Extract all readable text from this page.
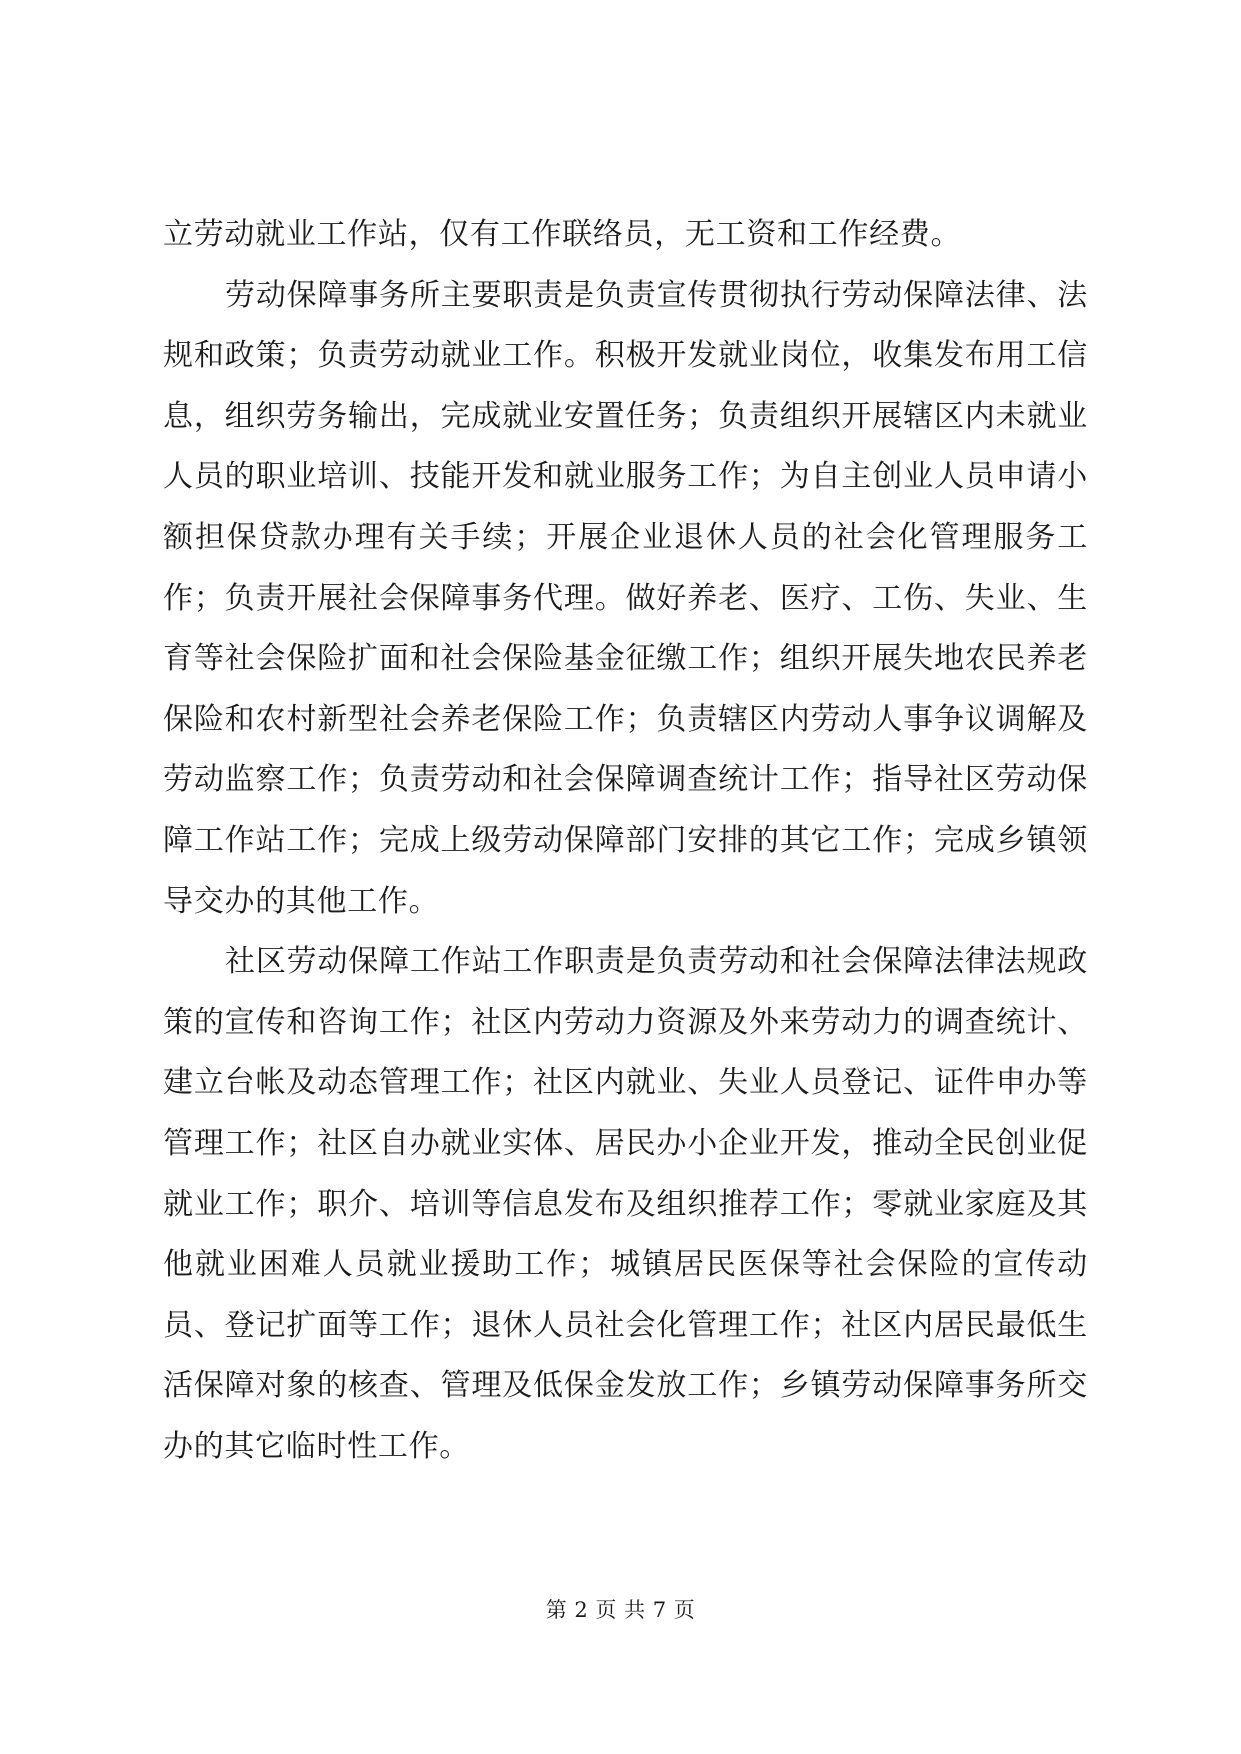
立劳动就业工作站，仅有工作联络员，无工资和工作经费。

劳动保障事务所主要职责是负责宣传贯彻执行劳动保障法律、法规和政策；负责劳动就业工作。积极开发就业岗位，收集发布用工信息，组织劳务输出，完成就业安置任务；负责组织开展辖区内未就业人员的职业培训、技能开发和就业服务工作；为自主创业人员申请小额担保贷款办理有关手续；开展企业退休人员的社会化管理服务工作；负责开展社会保障事务代理。做好养老、医疗、工伤、失业、生育等社会保险扩面和社会保险基金征缴工作；组织开展失地农民养老保险和农村新型社会养老保险工作；负责辖区内劳动人事争议调解及劳动监察工作；负责劳动和社会保障调查统计工作；指导社区劳动保障工作站工作；完成上级劳动保障部门安排的其它工作；完成乡镇领导交办的其他工作。

社区劳动保障工作站工作职责是负责劳动和社会保障法律法规政策的宣传和咨询工作；社区内劳动力资源及外来劳动力的调查统计、建立台帐及动态管理工作；社区内就业、失业人员登记、证件申办等管理工作；社区自办就业实体、居民办小企业开发，推动全民创业促就业工作；职介、培训等信息发布及组织推荐工作；零就业家庭及其他就业困难人员就业援助工作；城镇居民医保等社会保险的宣传动员、登记扩面等工作；退休人员社会化管理工作；社区内居民最低生活保障对象的核查、管理及低保金发放工作；乡镇劳动保障事务所交办的其它临时性工作。

第 2 页 共 7 页
